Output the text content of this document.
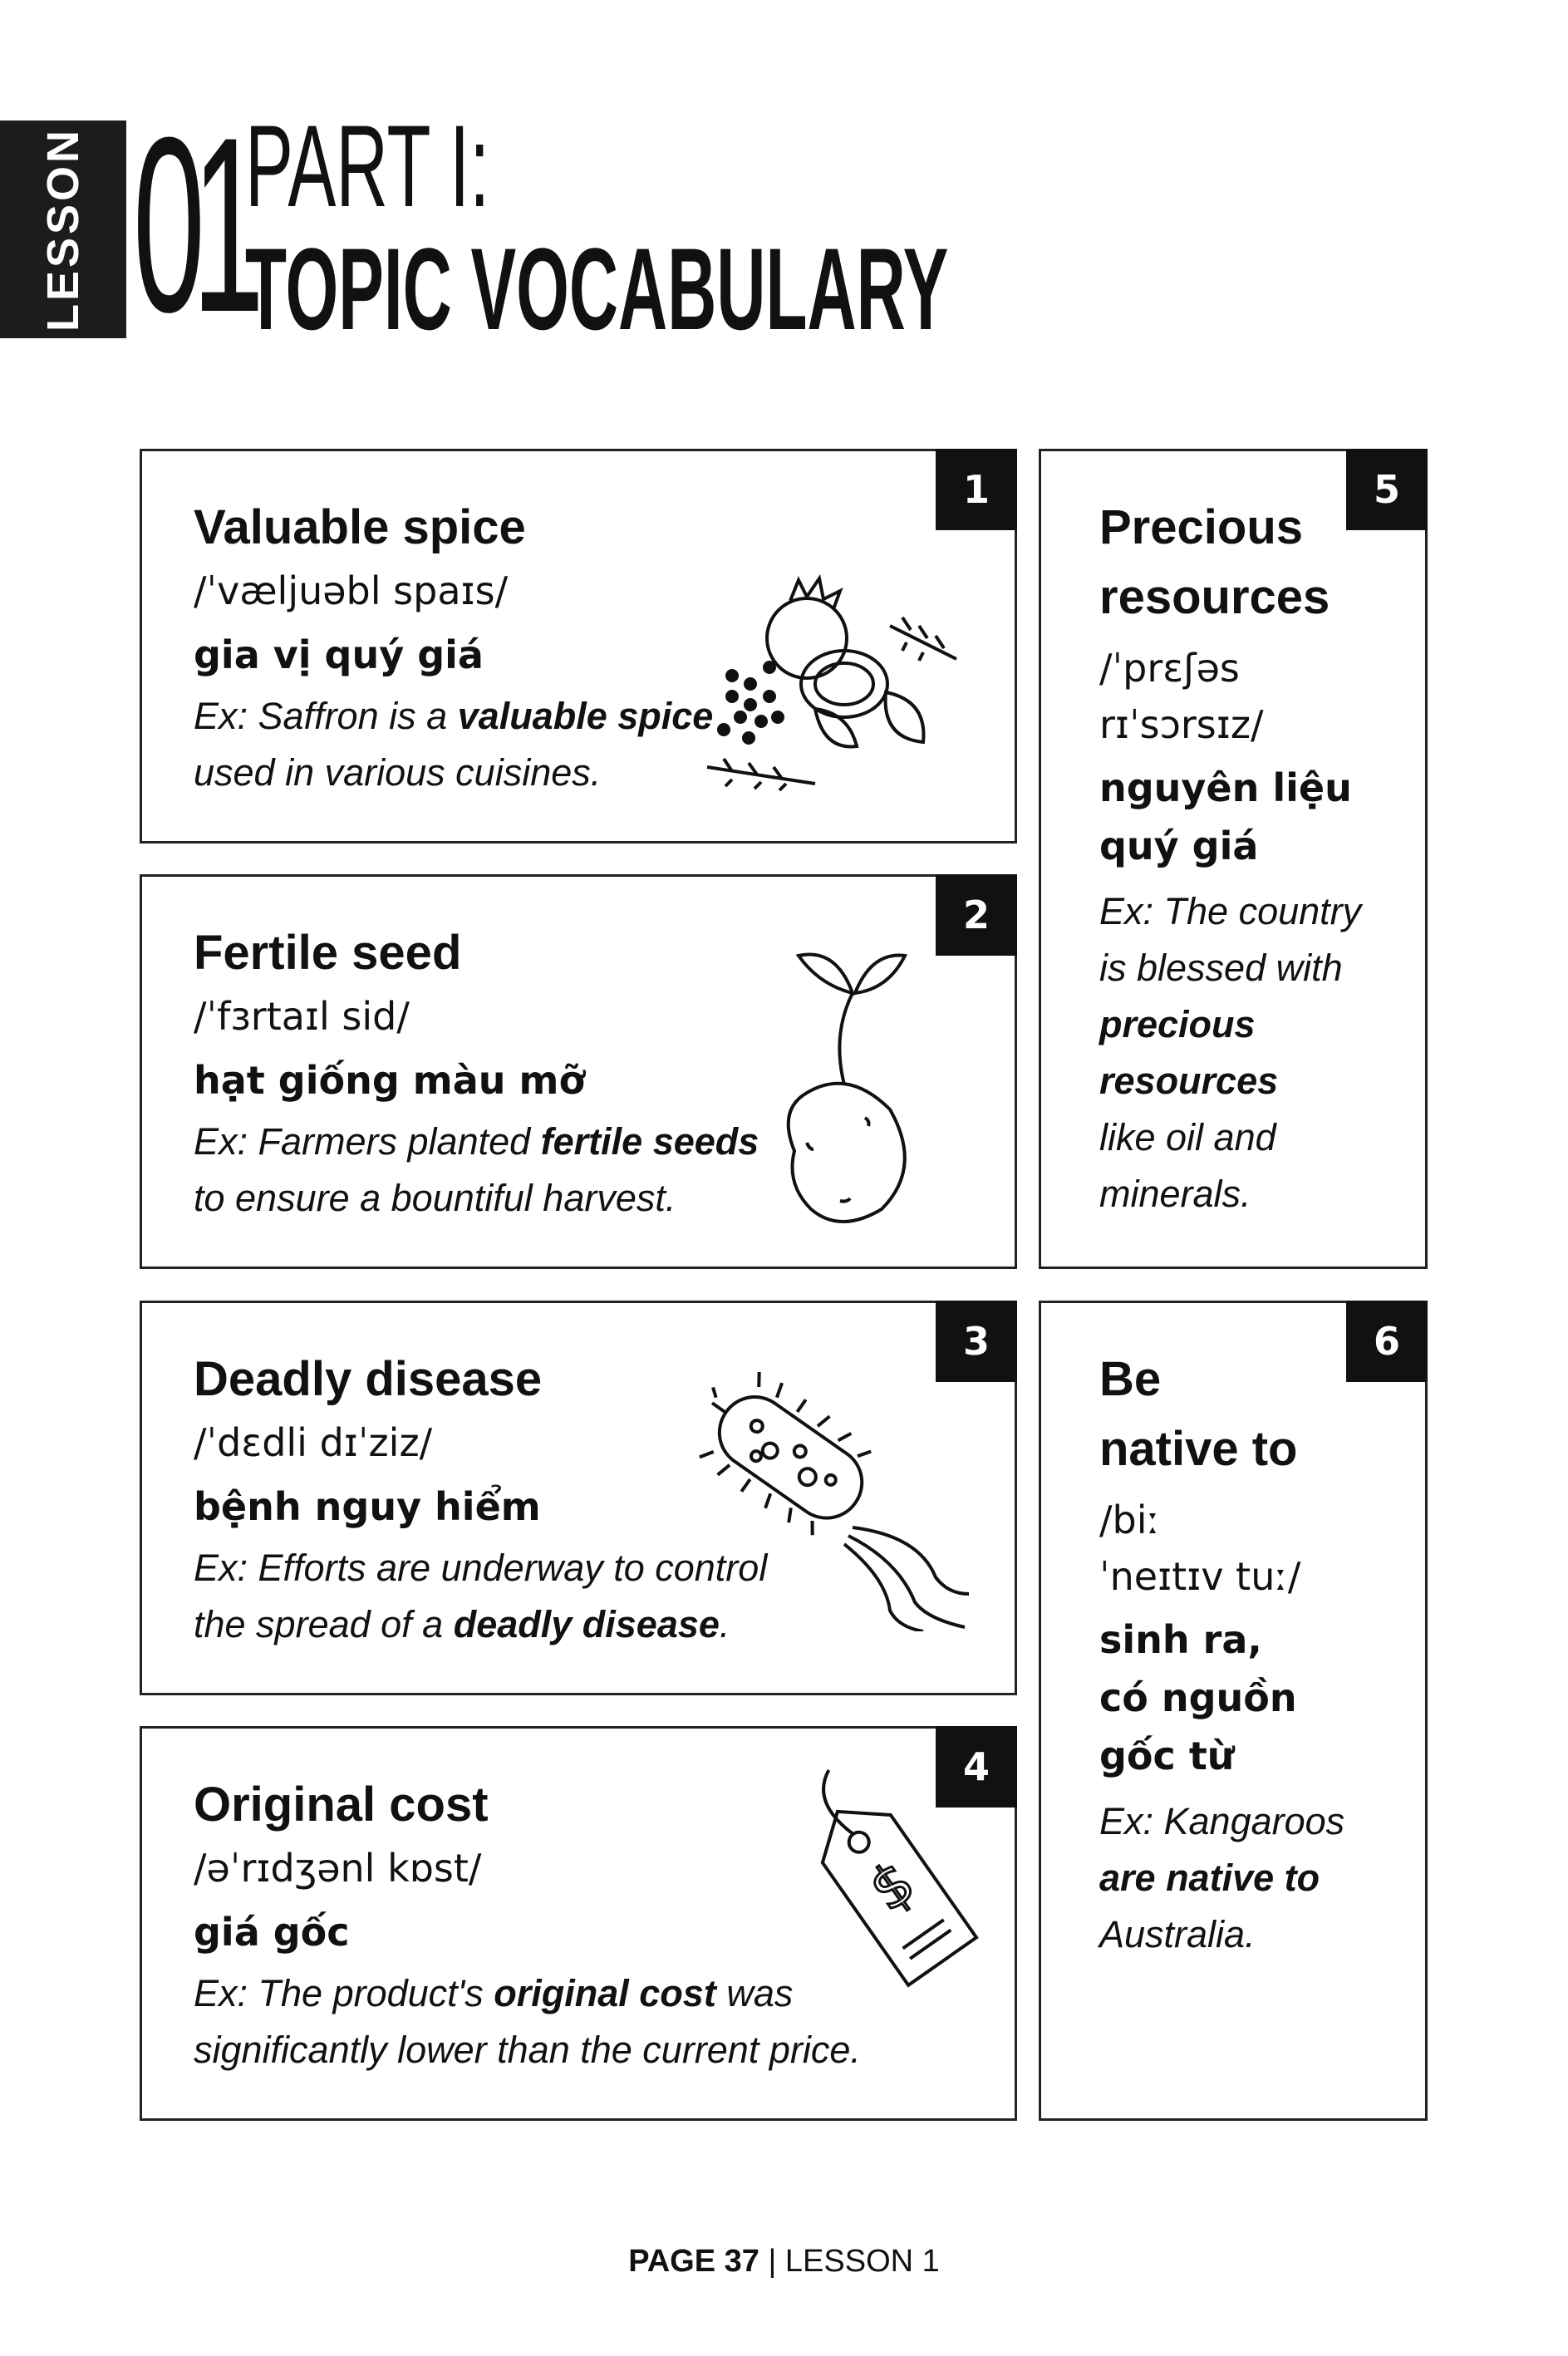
LESSON 01
PART I:
TOPIC VOCABULARY
1
Valuable spice
/ˈvæljuəbl spaɪs/
gia vị quý giá
Ex: Saffron is a valuable spice
used in various cuisines.
2
Fertile seed
/ˈfɜrtaɪl sid/
hạt giống màu mỡ
Ex: Farmers planted fertile seeds
to ensure a bountiful harvest.
3
Deadly disease
/ˈdɛdli dɪˈziz/
bệnh nguy hiểm
Ex: Efforts are underway to control
the spread of a deadly disease.
4
Original cost
/əˈrɪdʒənl kɒst/
giá gốc
Ex: The product's original cost was
significantly lower than the current price.
$
5
Precious
resources
/ˈprɛʃəs
rɪˈsɔrsɪz/
nguyên liệu
quý giá
Ex: The country
is blessed with
precious
resources
like oil and
minerals.
6
Be
native to
/biː
ˈneɪtɪv tuː/
sinh ra,
có nguồn
gốc từ
Ex: Kangaroos
are native to
Australia.
PAGE 37 | LESSON 1
